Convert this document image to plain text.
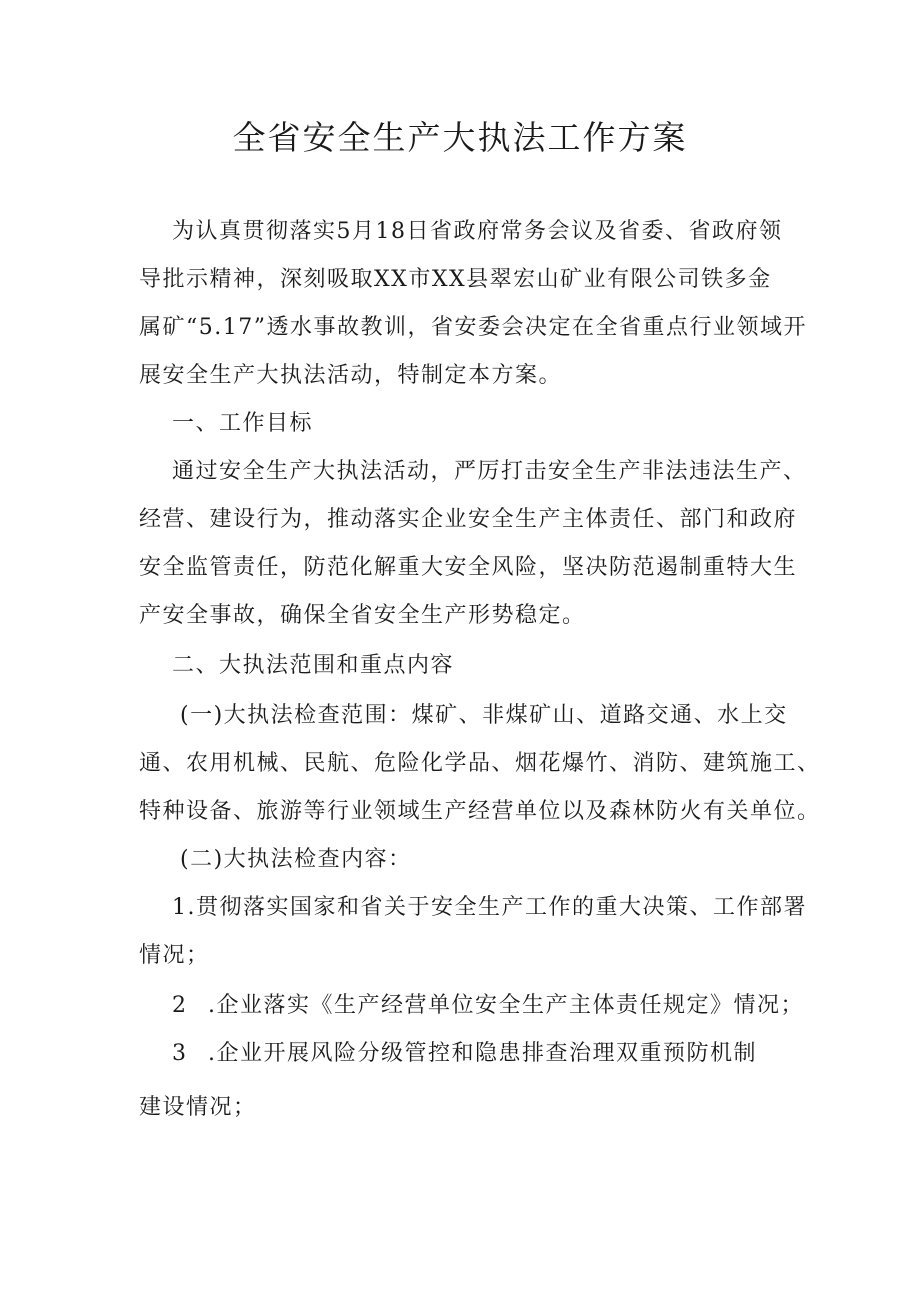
全省安全生产大执法工作方案
为认真贯彻落实5月18日省政府常务会议及省委、省政府领
导批示精神，深刻吸取XX市XX县翠宏山矿业有限公司铁多金
属矿“5.17”透水事故教训，省安委会决定在全省重点行业领域开
展安全生产大执法活动，特制定本方案。
一、工作目标
通过安全生产大执法活动，严厉打击安全生产非法违法生产、
经营、建设行为，推动落实企业安全生产主体责任、部门和政府
安全监管责任，防范化解重大安全风险，坚决防范遏制重特大生
产安全事故，确保全省安全生产形势稳定。
二、大执法范围和重点内容
(一)大执法检查范围：煤矿、非煤矿山、道路交通、水上交
通、农用机械、民航、危险化学品、烟花爆竹、消防、建筑施工、
特种设备、旅游等行业领域生产经营单位以及森林防火有关单位。
(二)大执法检查内容：
1.贯彻落实国家和省关于安全生产工作的重大决策、工作部署
情况；
2 .企业落实《生产经营单位安全生产主体责任规定》情况；
3 .企业开展风险分级管控和隐患排查治理双重预防机制
建设情况；
